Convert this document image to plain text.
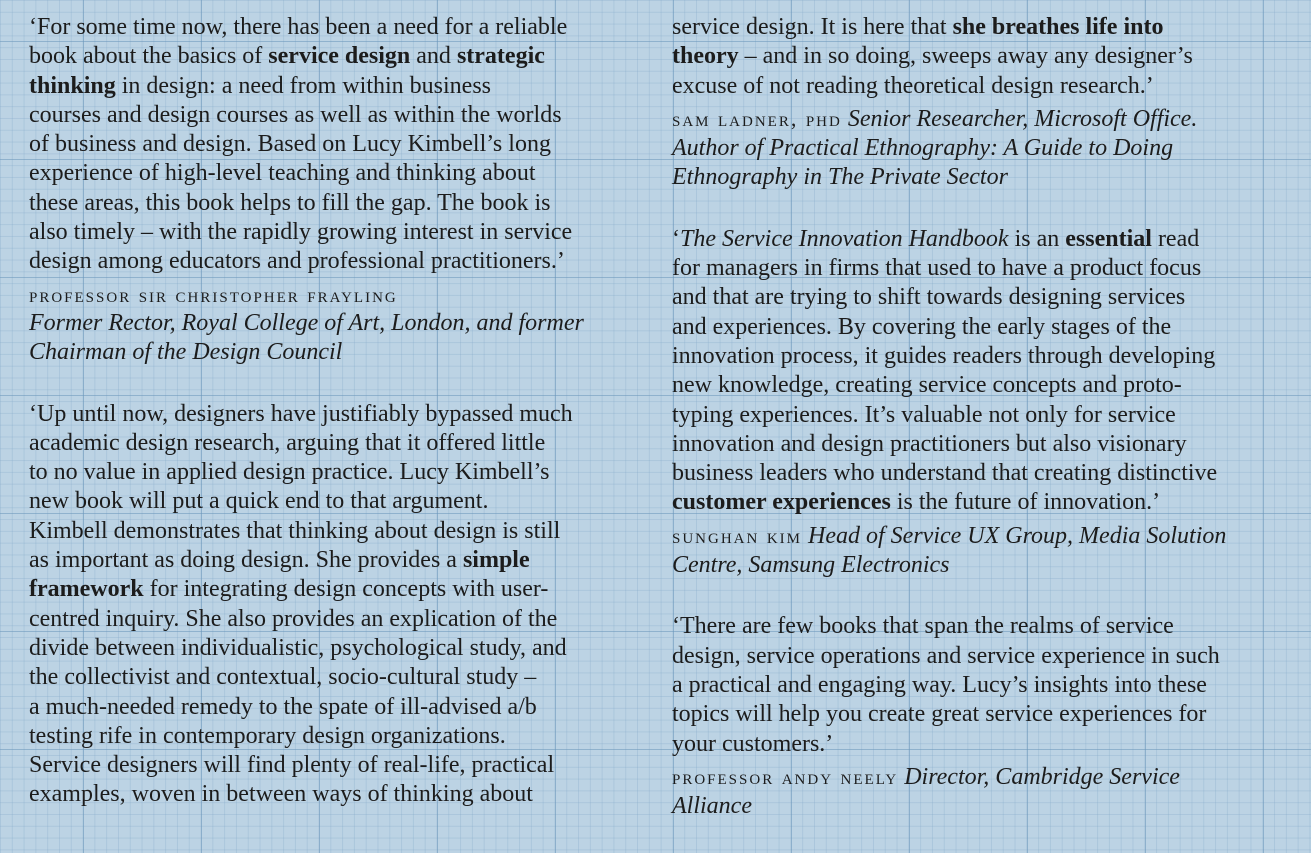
‘For some time now, there has been a need for a reliable
book about the basics of service design and strategic
thinking in design: a need from within business
courses and design courses as well as within the worlds
of business and design. Based on Lucy Kimbell’s long
experience of high-level teaching and thinking about
these areas, this book helps to fill the gap. The book is
also timely – with the rapidly growing interest in service
design among educators and professional practitioners.’

professor sir christopher frayling
Former Rector, Royal College of Art, London, and former
Chairman of the Design Council

‘Up until now, designers have justifiably bypassed much
academic design research, arguing that it offered little
to no value in applied design practice. Lucy Kimbell’s
new book will put a quick end to that argument.
Kimbell demonstrates that thinking about design is still
as important as doing design. She provides a simple
framework for integrating design concepts with user-
centred inquiry. She also provides an explication of the
divide between individualistic, psychological study, and
the collectivist and contextual, socio-cultural study –
a much-needed remedy to the spate of ill-advised a/b
testing rife in contemporary design organizations.
Service designers will find plenty of real-life, practical
examples, woven in between ways of thinking about

service design. It is here that she breathes life into
theory – and in so doing, sweeps away any designer’s
excuse of not reading theoretical design research.’

sam ladner, phd Senior Researcher, Microsoft Office.
Author of Practical Ethnography: A Guide to Doing
Ethnography in The Private Sector

‘The Service Innovation Handbook is an essential read
for managers in firms that used to have a product focus
and that are trying to shift towards designing services
and experiences. By covering the early stages of the
innovation process, it guides readers through developing
new knowledge, creating service concepts and proto-
typing experiences. It’s valuable not only for service
innovation and design practitioners but also visionary
business leaders who understand that creating distinctive
customer experiences is the future of innovation.’

sunghan kim Head of Service UX Group, Media Solution
Centre, Samsung Electronics

‘There are few books that span the realms of service
design, service operations and service experience in such
a practical and engaging way. Lucy’s insights into these
topics will help you create great service experiences for
your customers.’

professor andy neely Director, Cambridge Service
Alliance
